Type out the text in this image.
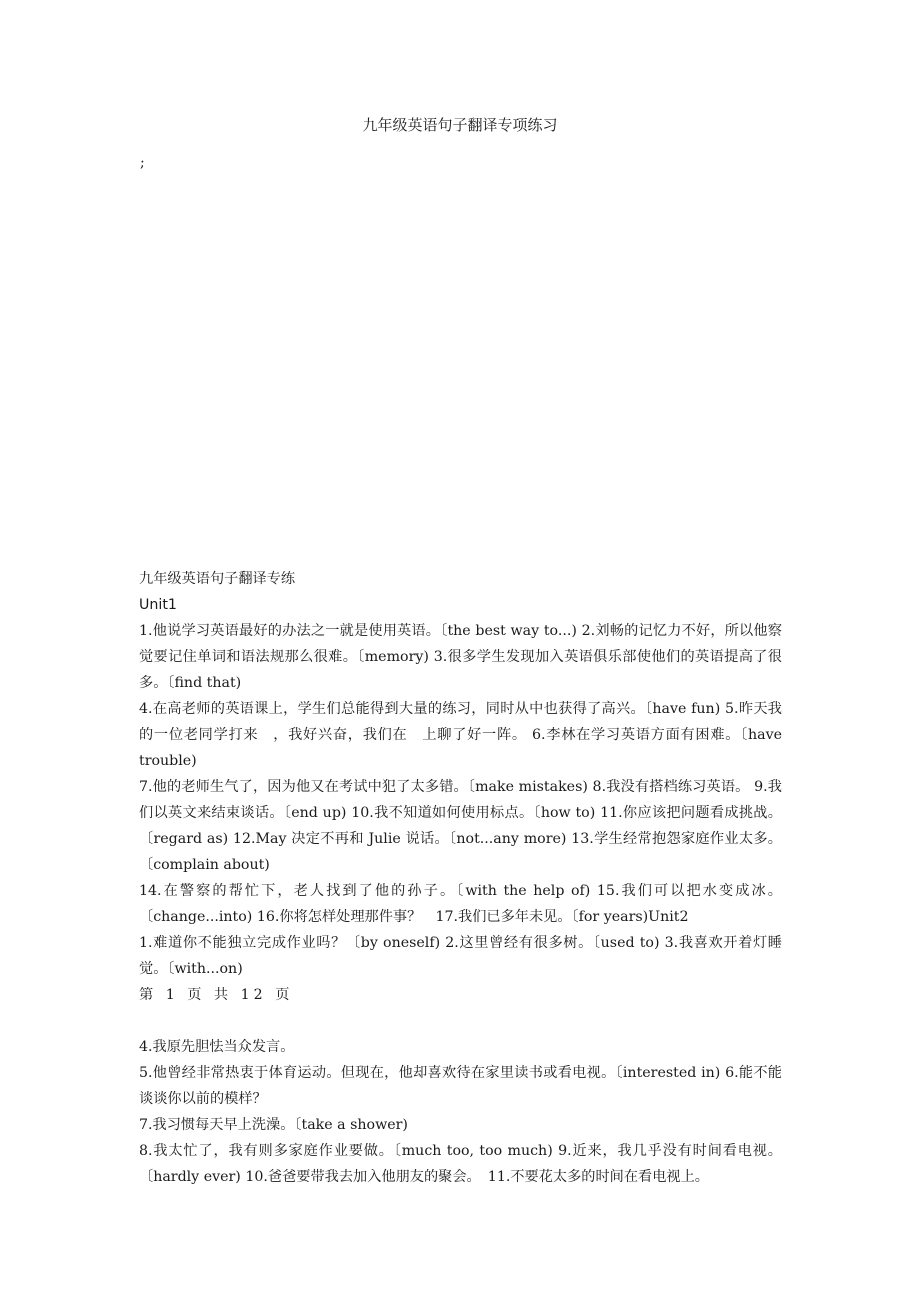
九年级英语句子翻译专项练习
;

九年级英语句子翻译专练

Unit1

1.他说学习英语最好的办法之一就是使用英语。〔the best way to...) 2.刘畅的记忆力不好，所以他察觉要记住单词和语法规那么很难。〔memory) 3.很多学生发现加入英语俱乐部使他们的英语提高了很多。〔find that)

4.在高老师的英语课上，学生们总能得到大量的练习，同时从中也获得了高兴。〔have fun) 5.昨天我的一位老同学打来　，我好兴奋，我们在　上聊了好一阵。 6.李林在学习英语方面有困难。〔have trouble)

7.他的老师生气了，因为他又在考试中犯了太多错。〔make mistakes) 8.我没有搭档练习英语。 9.我们以英文来结束谈话。〔end up) 10.我不知道如何使用标点。〔how to) 11.你应该把问题看成挑战。〔regard as) 12.May 决定不再和 Julie 说话。〔not...any more) 13.学生经常抱怨家庭作业太多。〔complain about)

14.在警察的帮忙下，老人找到了他的孙子。〔with the help of) 15.我们可以把水变成冰。〔change...into) 16.你将怎样处理那件事？　17.我们已多年未见。〔for years)Unit2

1.难道你不能独立完成作业吗？〔by oneself) 2.这里曾经有很多树。〔used to) 3.我喜欢开着灯睡觉。〔with...on)

第 1 页 共 12 页

4.我原先胆怯当众发言。

5.他曾经非常热衷于体育运动。但现在，他却喜欢待在家里读书或看电视。〔interested in) 6.能不能谈谈你以前的模样？

7.我习惯每天早上洗澡。〔take a shower)

8.我太忙了，我有则多家庭作业要做。〔much too, too much) 9.近来，我几乎没有时间看电视。〔hardly ever) 10.爸爸要带我去加入他朋友的聚会。　11.不要花太多的时间在看电视上。
